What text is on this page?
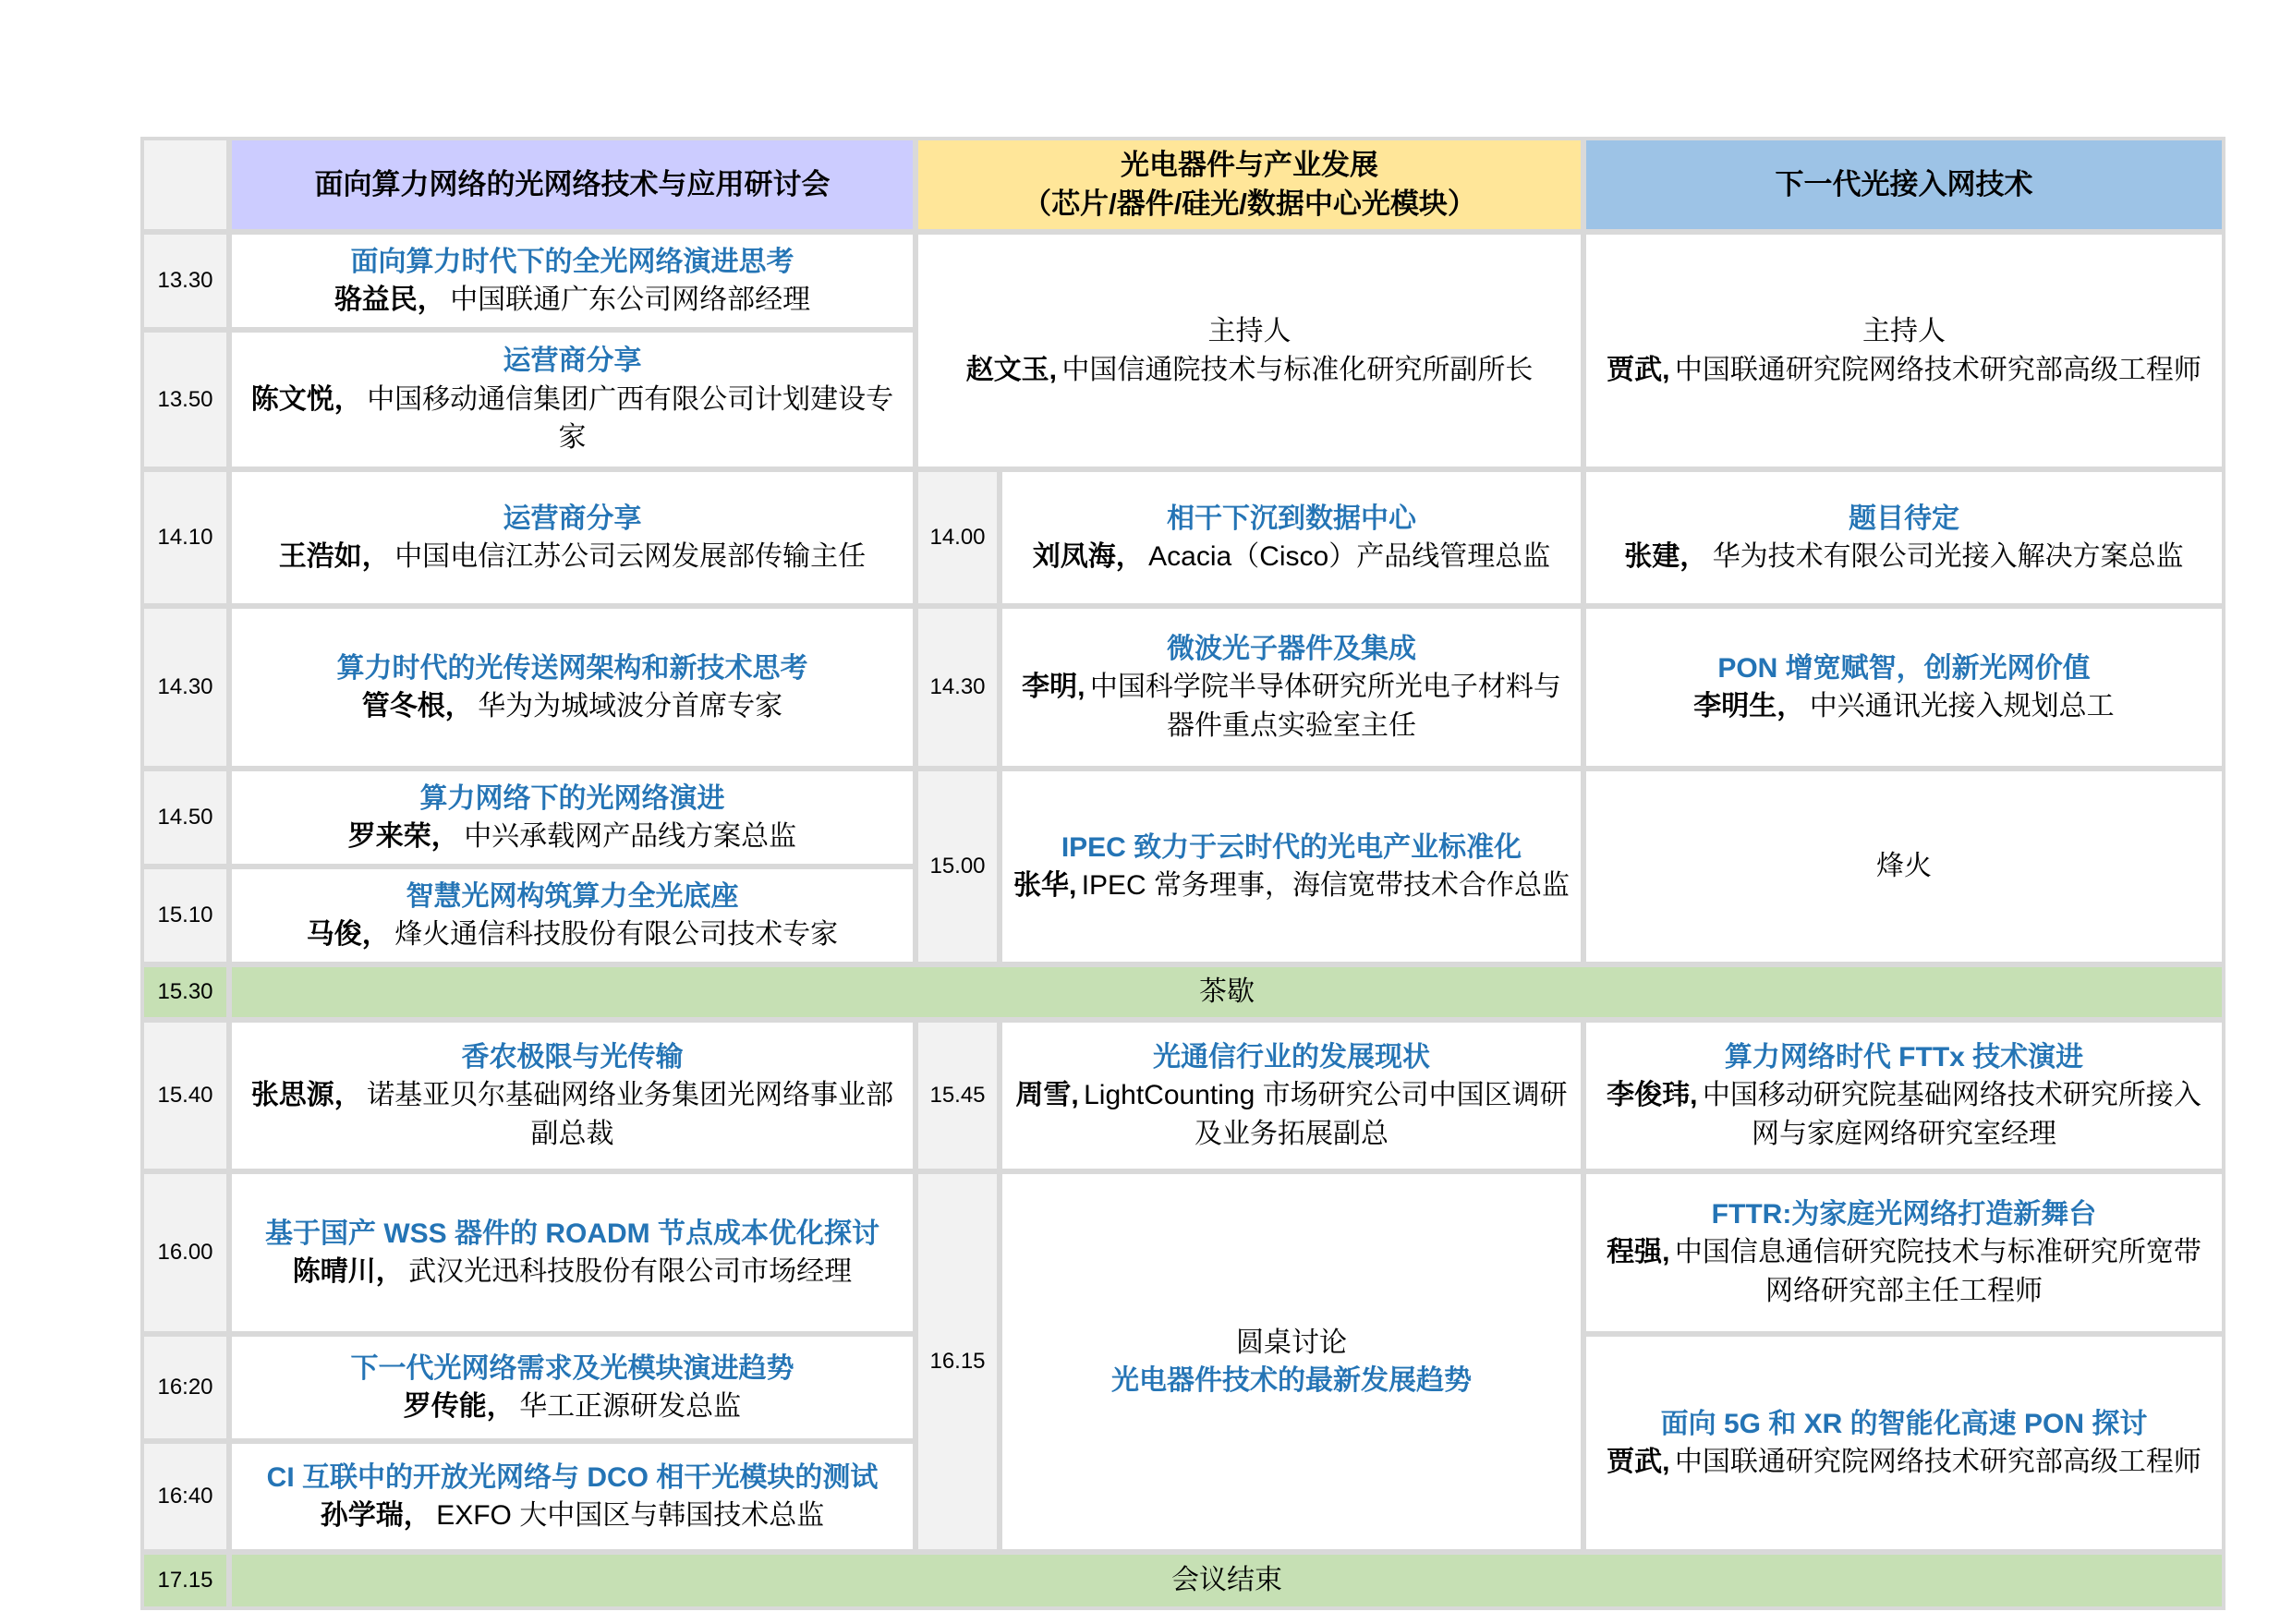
面向算力网络的光网络技术与应用研讨会
光电器件与产业发展
（芯片/器件/硅光/数据中心光模块）
下一代光接入网技术
13.30
面向算力时代下的全光网络演进思考
骆益民， 中国联通广东公司网络部经理
主持人
赵文玉, 中国信通院技术与标准化研究所副所长
主持人
贾武, 中国联通研究院网络技术研究部高级工程师
13.50
运营商分享
陈文悦， 中国移动通信集团广西有限公司计划建设专家
14.10
运营商分享
王浩如， 中国电信江苏公司云网发展部传输主任
14.00
相干下沉到数据中心
刘凤海， Acacia（Cisco）产品线管理总监
题目待定
张建， 华为技术有限公司光接入解决方案总监
14.30
算力时代的光传送网架构和新技术思考
管冬根， 华为为城域波分首席专家
14.30
微波光子器件及集成
李明, 中国科学院半导体研究所光电子材料与器件重点实验室主任
PON 增宽赋智，创新光网价值
李明生， 中兴通讯光接入规划总工
14.50
算力网络下的光网络演进
罗来荣， 中兴承载网产品线方案总监
15.00
IPEC 致力于云时代的光电产业标准化
张华, IPEC 常务理事，海信宽带技术合作总监
烽火
15.10
智慧光网构筑算力全光底座
马俊， 烽火通信科技股份有限公司技术专家
15.30	茶歇
15.40
香农极限与光传输
张思源， 诺基亚贝尔基础网络业务集团光网络事业部副总裁
15.45
光通信行业的发展现状
周雪, LightCounting 市场研究公司中国区调研及业务拓展副总
算力网络时代 FTTx 技术演进
李俊玮, 中国移动研究院基础网络技术研究所接入网与家庭网络研究室经理
16.00
基于国产 WSS 器件的 ROADM 节点成本优化探讨
陈晴川， 武汉光迅科技股份有限公司市场经理
16.15
圆桌讨论
光电器件技术的最新发展趋势
FTTR:为家庭光网络打造新舞台
程强, 中国信息通信研究院技术与标准研究所宽带网络研究部主任工程师
16:20
下一代光网络需求及光模块演进趋势
罗传能， 华工正源研发总监
面向 5G 和 XR 的智能化高速 PON 探讨
贾武, 中国联通研究院网络技术研究部高级工程师
16:40
CI 互联中的开放光网络与 DCO 相干光模块的测试
孙学瑞， EXFO 大中国区与韩国技术总监
17.15	会议结束
